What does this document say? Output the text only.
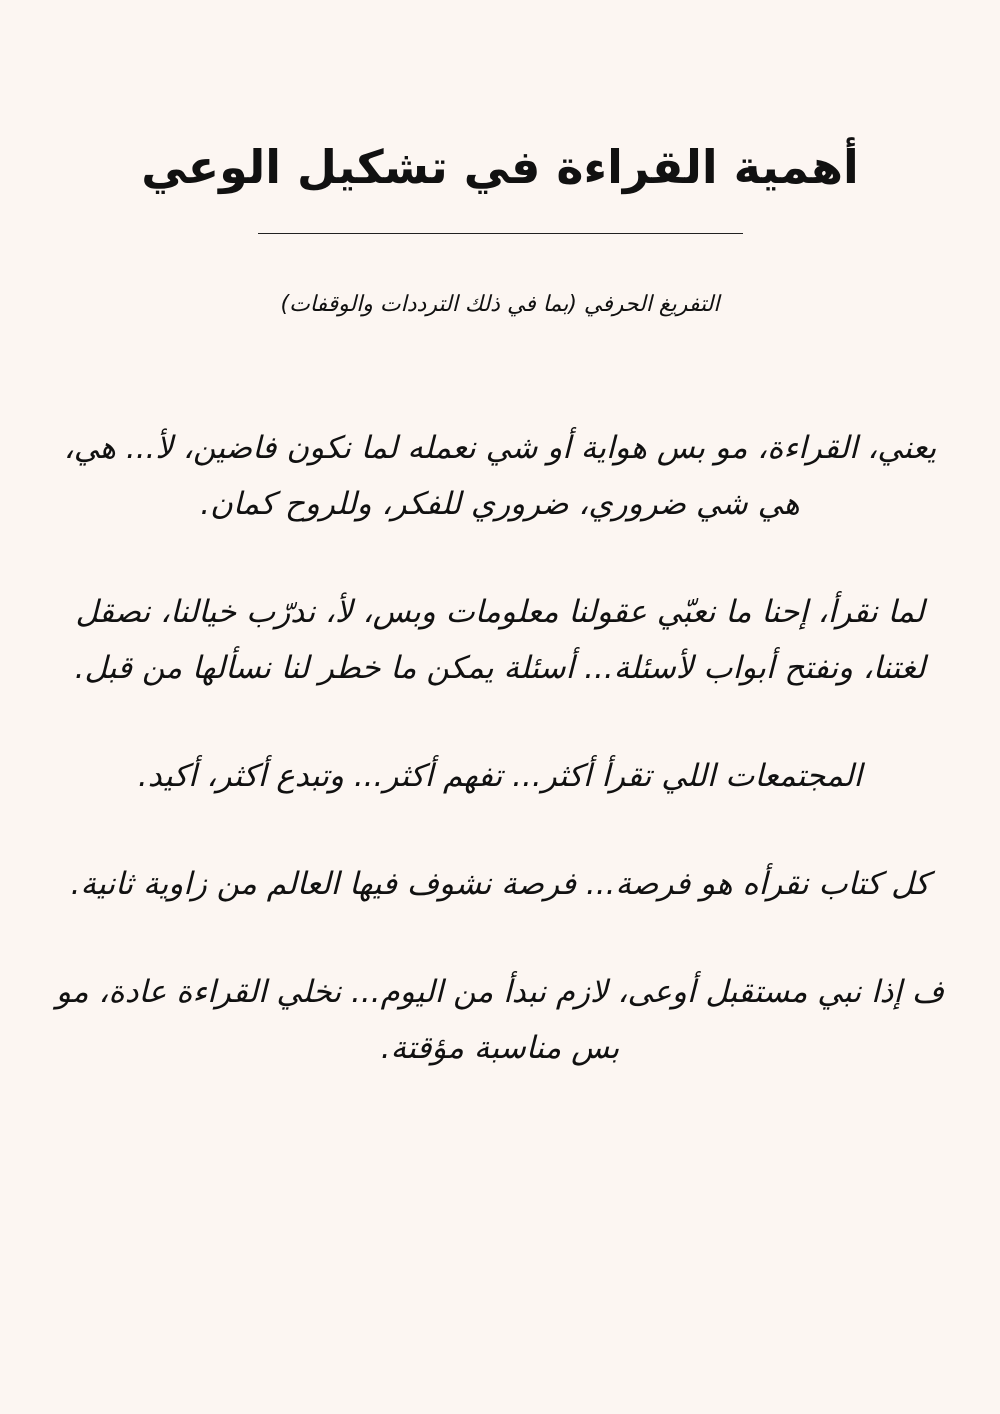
أهمية القراءة في تشكيل الوعي
التفريغ الحرفي (بما في ذلك الترددات والوقفات)

يعني، القراءة، مو بس هواية أو شي نعمله لما نكون فاضين، لأ... هي، هي شي ضروري، ضروري للفكر، وللروح كمان.

لما نقرأ، إحنا ما نعبّي عقولنا معلومات وبس، لأ، ندرّب خيالنا، نصقل لغتنا، ونفتح أبواب لأسئلة... أسئلة يمكن ما خطر لنا نسألها من قبل.

المجتمعات اللي تقرأ أكثر... تفهم أكثر... وتبدع أكثر، أكيد.

كل كتاب نقرأه هو فرصة... فرصة نشوف فيها العالم من زاوية ثانية.

ف إذا نبي مستقبل أوعى، لازم نبدأ من اليوم... نخلي القراءة عادة، مو بس مناسبة مؤقتة.
